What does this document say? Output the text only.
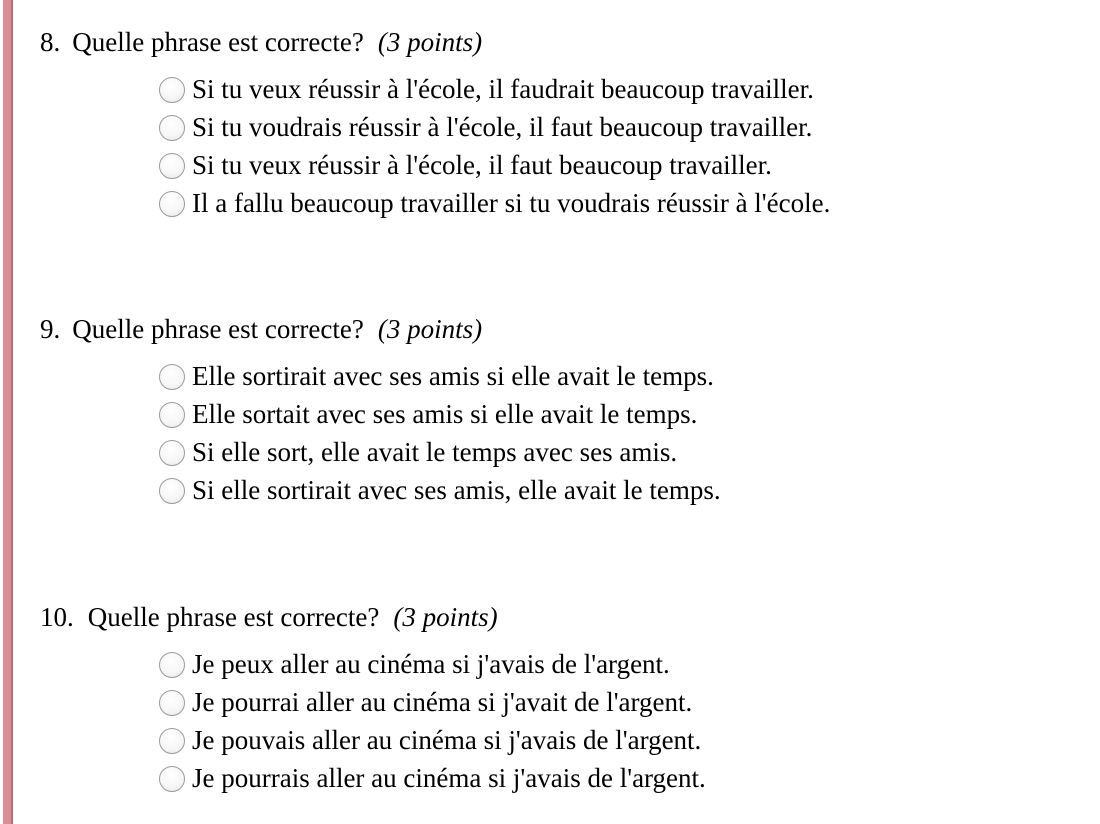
8. Quelle phrase est correcte? (3 points)
Si tu veux réussir à l'école, il faudrait beaucoup travailler.
Si tu voudrais réussir à l'école, il faut beaucoup travailler.
Si tu veux réussir à l'école, il faut beaucoup travailler.
Il a fallu beaucoup travailler si tu voudrais réussir à l'école.
9. Quelle phrase est correcte? (3 points)
Elle sortirait avec ses amis si elle avait le temps.
Elle sortait avec ses amis si elle avait le temps.
Si elle sort, elle avait le temps avec ses amis.
Si elle sortirait avec ses amis, elle avait le temps.
10. Quelle phrase est correcte? (3 points)
Je peux aller au cinéma si j'avais de l'argent.
Je pourrai aller au cinéma si j'avait de l'argent.
Je pouvais aller au cinéma si j'avais de l'argent.
Je pourrais aller au cinéma si j'avais de l'argent.
